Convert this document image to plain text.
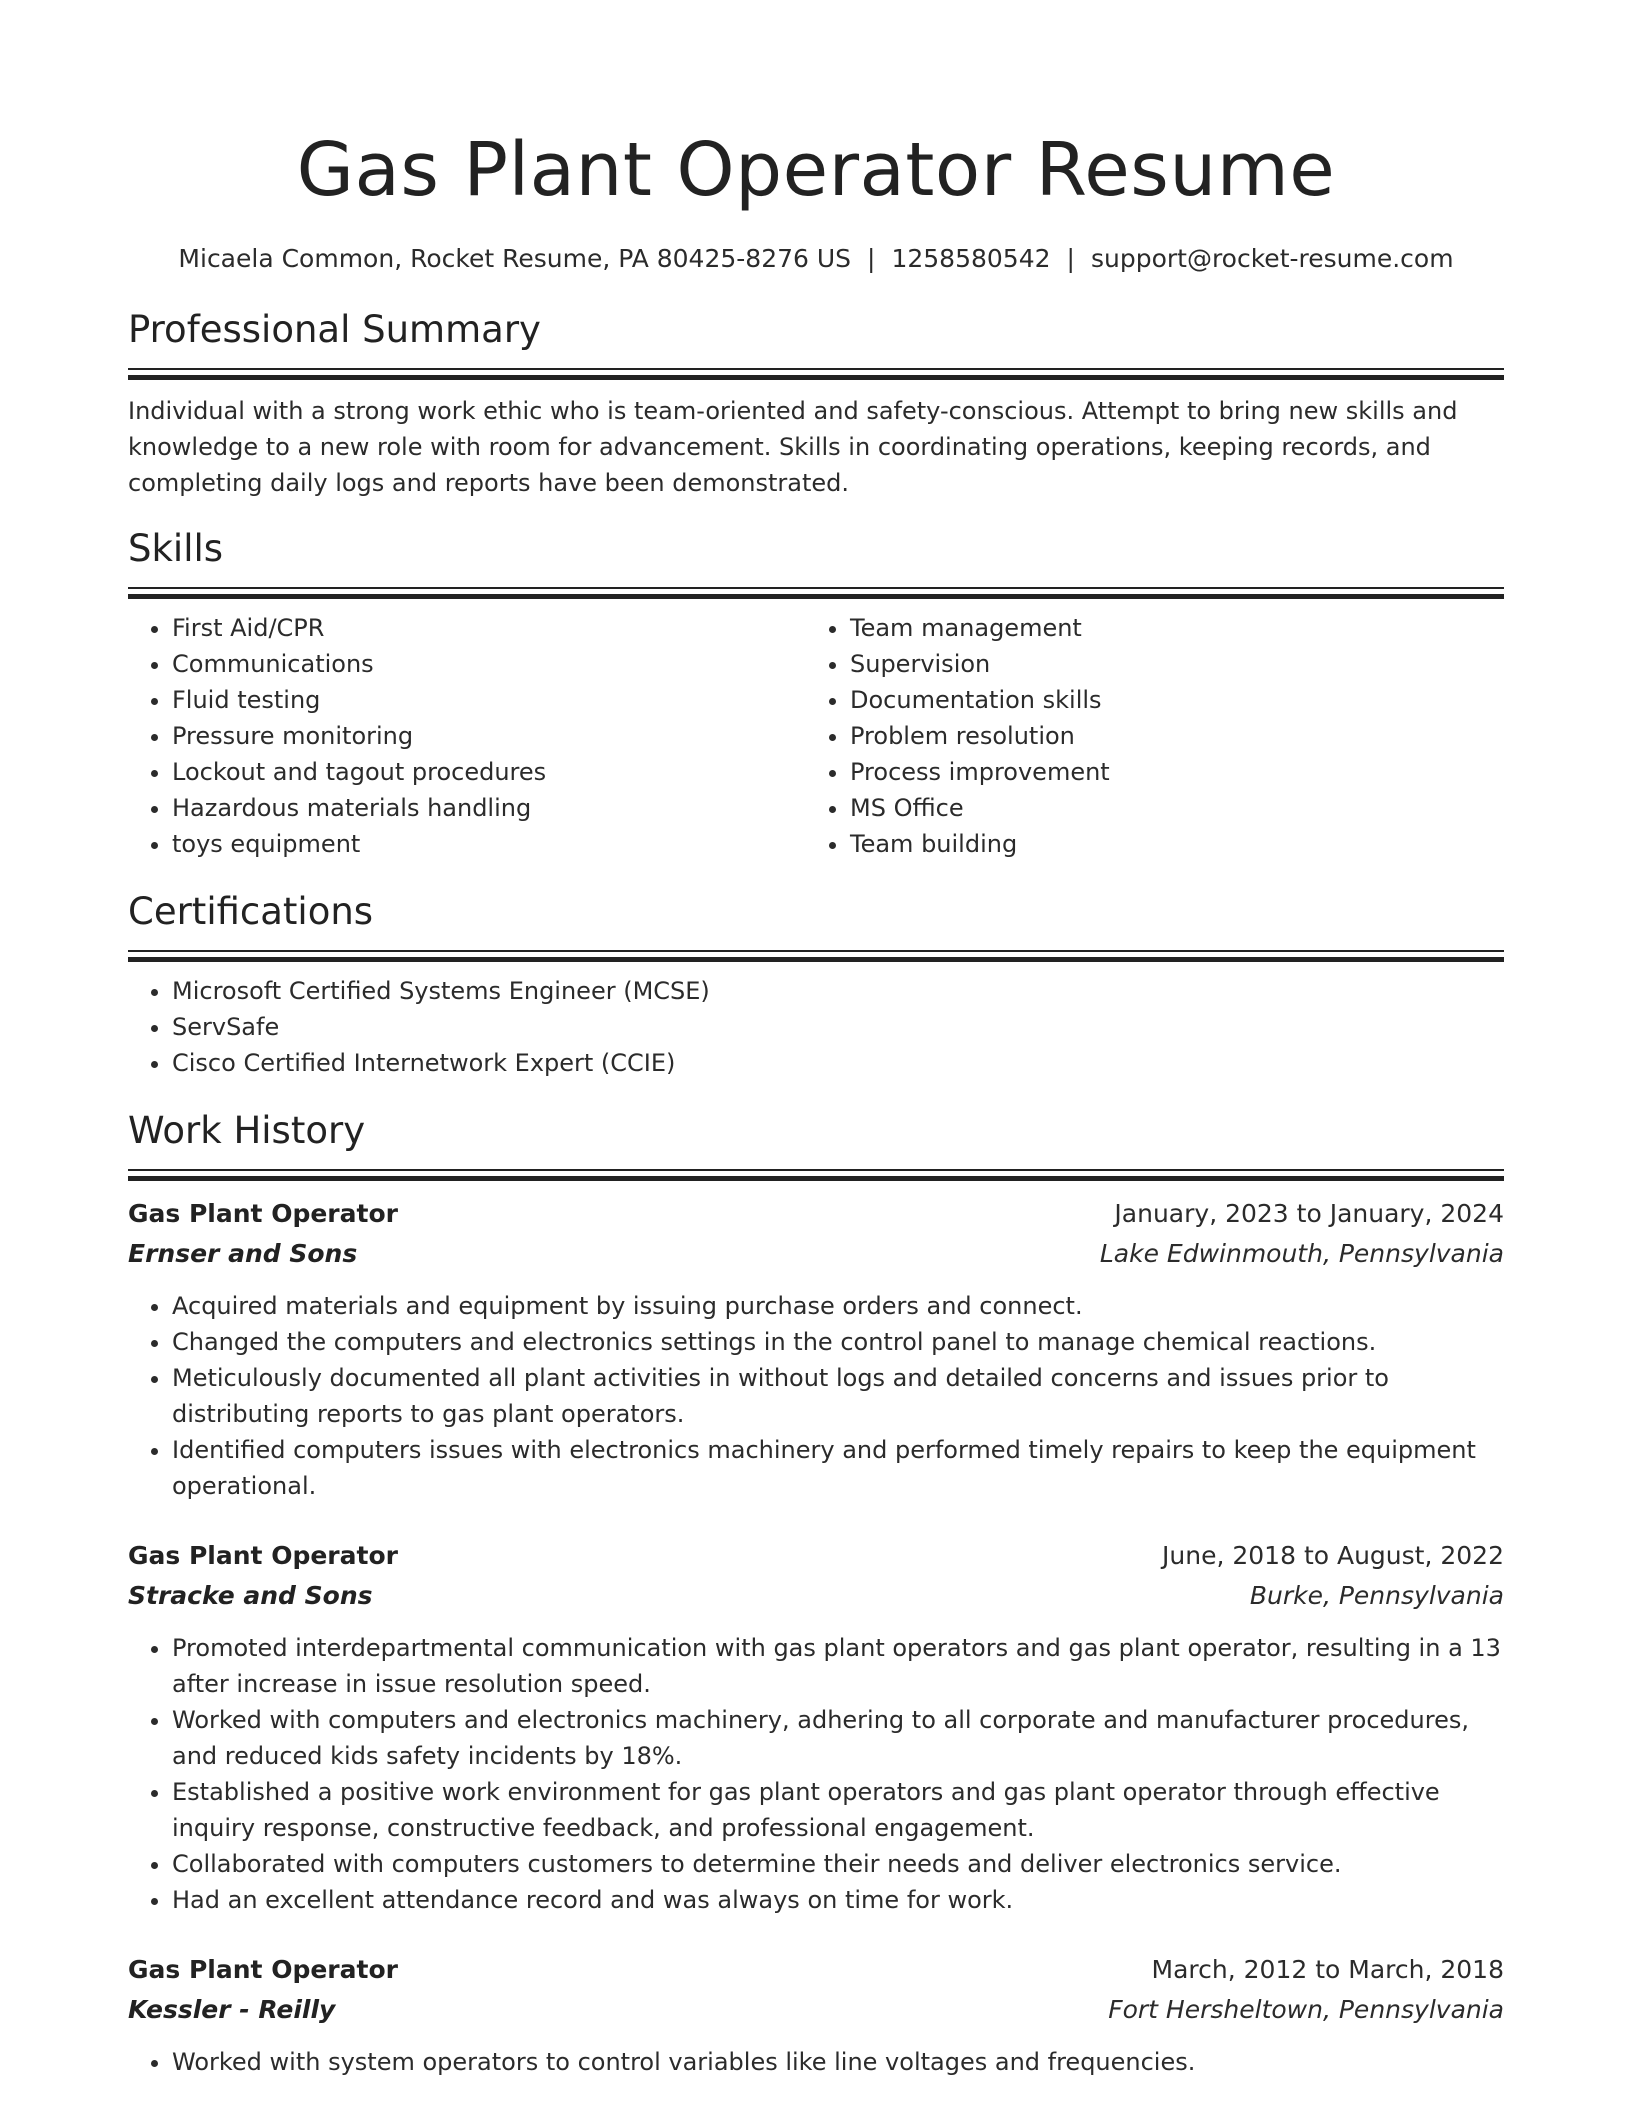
Gas Plant Operator Resume
Micaela Common, Rocket Resume, PA 80425-8276 US | 1258580542 | support@rocket-resume.com
Professional Summary

Individual with a strong work ethic who is team-oriented and safety-conscious. Attempt to bring new skills and knowledge to a new role with room for advancement. Skills in coordinating operations, keeping records, and completing daily logs and reports have been demonstrated.

Skills
• First Aid/CPR
• Communications
• Fluid testing
• Pressure monitoring
• Lockout and tagout procedures
• Hazardous materials handling
• toys equipment
• Team management
• Supervision
• Documentation skills
• Problem resolution
• Process improvement
• MS Office
• Team building
Certifications
• Microsoft Certified Systems Engineer (MCSE)
• ServSafe
• Cisco Certified Internetwork Expert (CCIE)
Work History
Gas Plant Operator	January, 2023 to January, 2024
Ernser and Sons	Lake Edwinmouth, Pennsylvania
• Acquired materials and equipment by issuing purchase orders and connect.
• Changed the computers and electronics settings in the control panel to manage chemical reactions.
• Meticulously documented all plant activities in without logs and detailed concerns and issues prior to distributing reports to gas plant operators.
• Identified computers issues with electronics machinery and performed timely repairs to keep the equipment operational.
Gas Plant Operator	June, 2018 to August, 2022
Stracke and Sons	Burke, Pennsylvania
• Promoted interdepartmental communication with gas plant operators and gas plant operator, resulting in a 13 after increase in issue resolution speed.
• Worked with computers and electronics machinery, adhering to all corporate and manufacturer procedures, and reduced kids safety incidents by 18%.
• Established a positive work environment for gas plant operators and gas plant operator through effective inquiry response, constructive feedback, and professional engagement.
• Collaborated with computers customers to determine their needs and deliver electronics service.
• Had an excellent attendance record and was always on time for work.
Gas Plant Operator	March, 2012 to March, 2018
Kessler - Reilly	Fort Hersheltown, Pennsylvania
• Worked with system operators to control variables like line voltages and frequencies.
